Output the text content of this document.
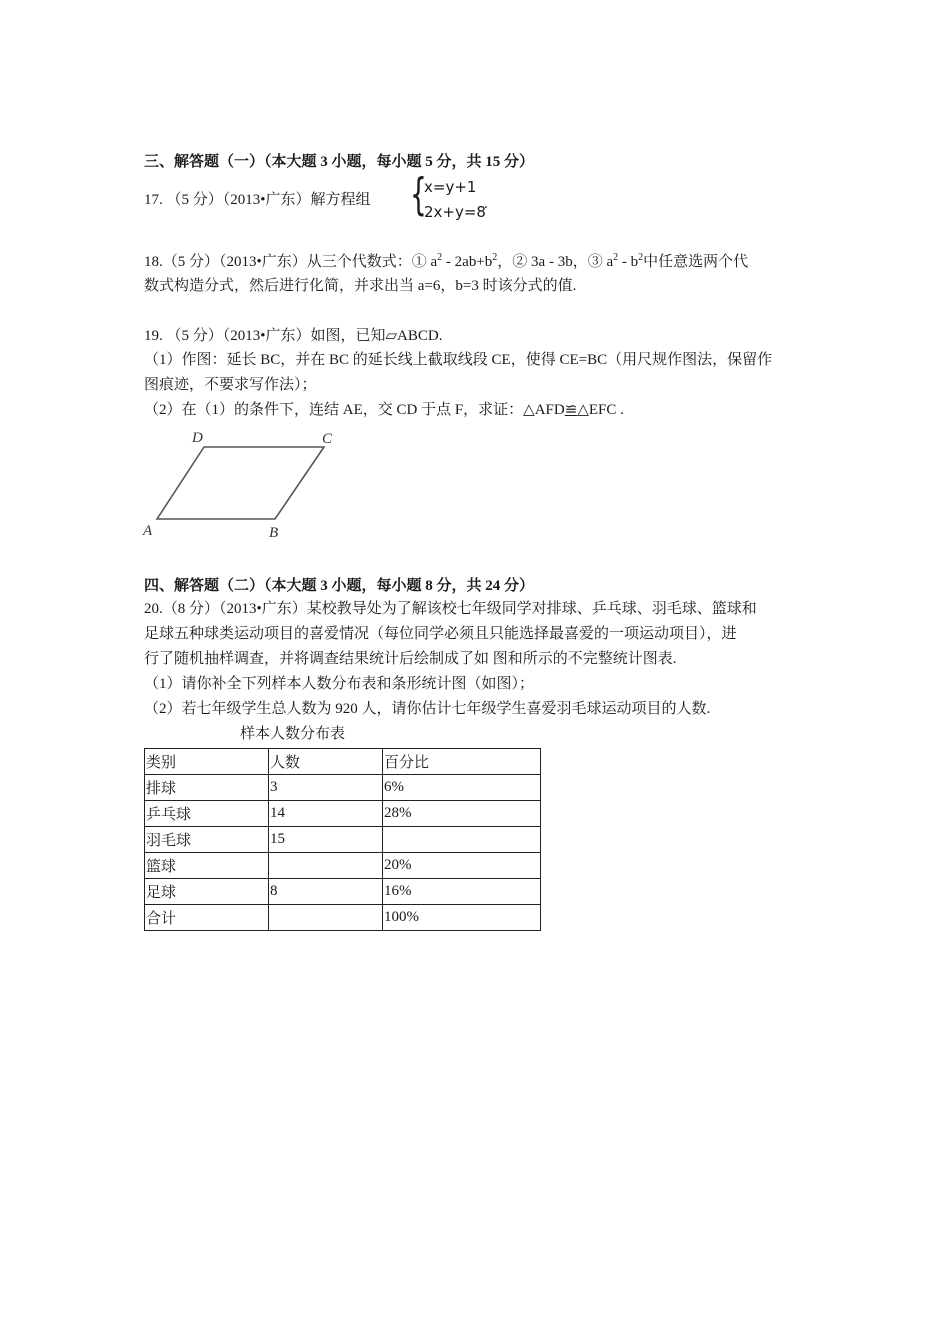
三、解答题（一）（本大题 3 小题，每小题 5 分，共 15 分）
17. （5 分）（2013•广东）解方程组 {
x=y+1
2x+y=8
.
18.（5 分）（2013•广东）从三个代数式：① $a^2 - 2ab+b^2$，② 3a - 3b，③ $a^2 - b^2$中任意选两个代
数式构造分式，然后进行化简，并求出当 a=6，b=3 时该分式的值.
19. （5 分）（2013•广东）如图，已知▱ABCD.
（1）作图：延长 BC，并在 BC 的延长线上截取线段 CE，使得 CE=BC（用尺规作图法，保留作
图痕迹，不要求写作法）；
（2）在（1）的条件下，连结 AE，交 CD 于点 F，求证：△AFD≌△EFC .
D	C
A	B
四、解答题（二）（本大题 3 小题，每小题 8 分，共 24 分）
20.（8 分）（2013•广东）某校教导处为了解该校七年级同学对排球、乒乓球、羽毛球、篮球和
足球五种球类运动项目的喜爱情况（每位同学必须且只能选择最喜爱的一项运动项目），进
行了随机抽样调查，并将调查结果统计后绘制成了如 图和所示的不完整统计图表.
（1）请你补全下列样本人数分布表和条形统计图（如图）；
（2）若七年级学生总人数为 920 人，请你估计七年级学生喜爱羽毛球运动项目的人数.
样本人数分布表
类别	人数	百分比
排球	3	6%
乒乓球	14	28%
羽毛球	15	
篮球		20%
足球	8	16%
合计		100%
